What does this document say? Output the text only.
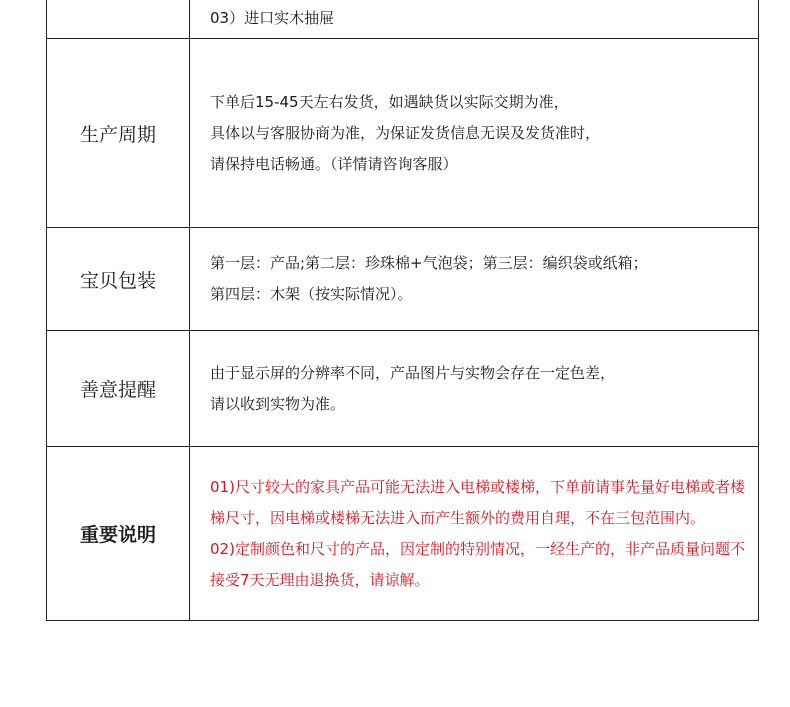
	03）进口实木抽屉

生产周期	下单后15-45天左右发货，如遇缺货以实际交期为准，
具体以与客服协商为准，为保证发货信息无误及发货准时，
请保持电话畅通。（详情请咨询客服）

宝贝包装	第一层：产品;第二层：珍珠棉+气泡袋；第三层：编织袋或纸箱；
第四层：木架（按实际情况）。

善意提醒	由于显示屏的分辨率不同，产品图片与实物会存在一定色差，
请以收到实物为准。

重要说明	01)尺寸较大的家具产品可能无法进入电梯或楼梯，下单前请事先量好电梯或者楼梯尺寸，因电梯或楼梯无法进入而产生额外的费用自理，不在三包范围内。
02)定制颜色和尺寸的产品，因定制的特别情况，一经生产的，非产品质量问题不接受7天无理由退换货，请谅解。
